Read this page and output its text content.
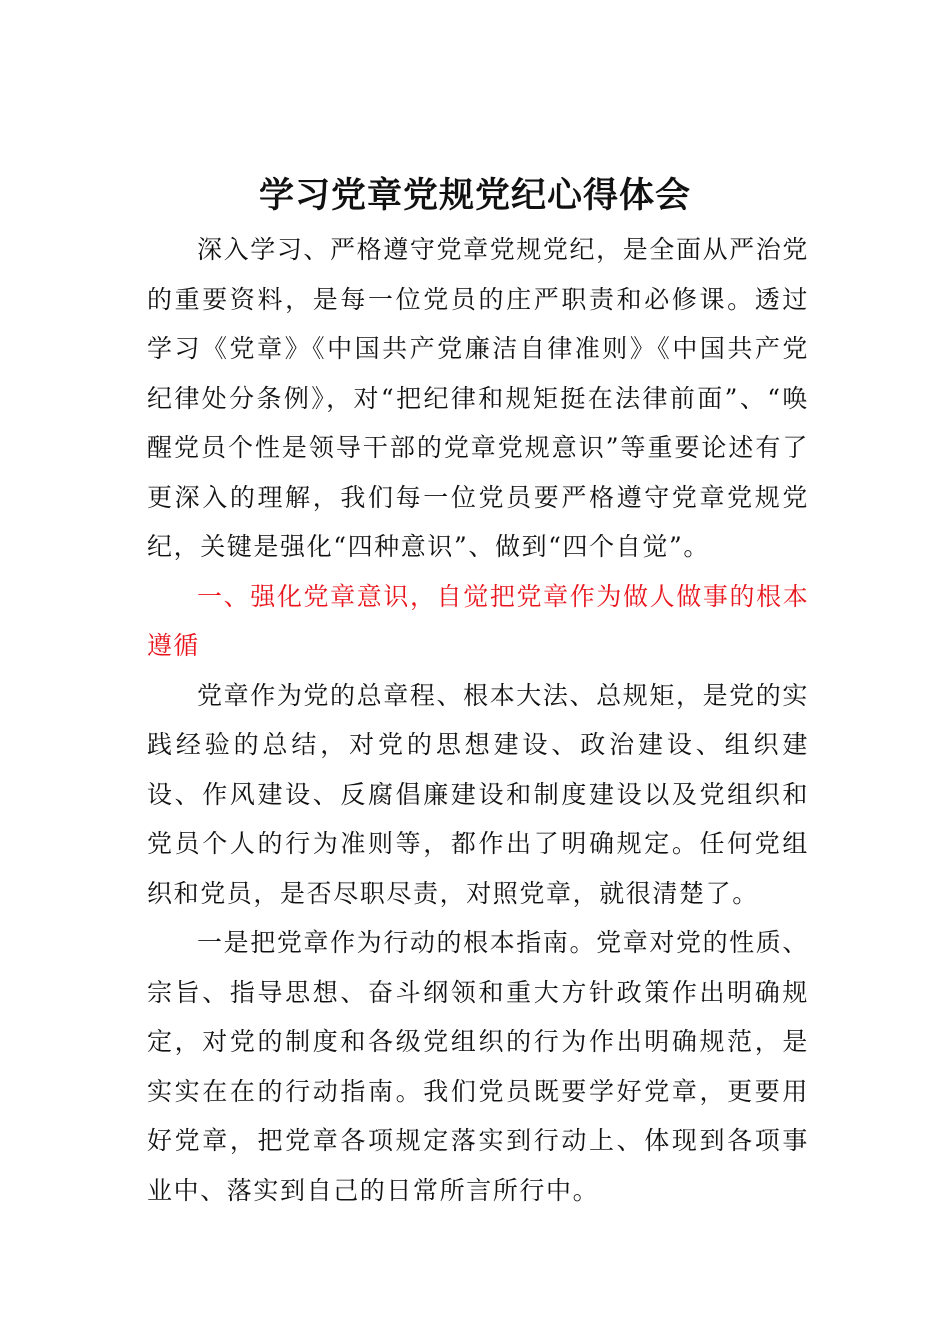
学习党章党规党纪心得体会

深入学习、严格遵守党章党规党纪，是全面从严治党的重要资料，是每一位党员的庄严职责和必修课。透过学习《党章》《中国共产党廉洁自律准则》《中国共产党纪律处分条例》，对“把纪律和规矩挺在法律前面”、“唤醒党员个性是领导干部的党章党规意识”等重要论述有了更深入的理解，我们每一位党员要严格遵守党章党规党纪，关键是强化“四种意识”、做到“四个自觉”。

一、强化党章意识，自觉把党章作为做人做事的根本遵循

党章作为党的总章程、根本大法、总规矩，是党的实践经验的总结，对党的思想建设、政治建设、组织建设、作风建设、反腐倡廉建设和制度建设以及党组织和党员个人的行为准则等，都作出了明确规定。任何党组织和党员，是否尽职尽责，对照党章，就很清楚了。

一是把党章作为行动的根本指南。党章对党的性质、宗旨、指导思想、奋斗纲领和重大方针政策作出明确规定，对党的制度和各级党组织的行为作出明确规范，是实实在在的行动指南。我们党员既要学好党章，更要用好党章，把党章各项规定落实到行动上、体现到各项事业中、落实到自己的日常所言所行中。
